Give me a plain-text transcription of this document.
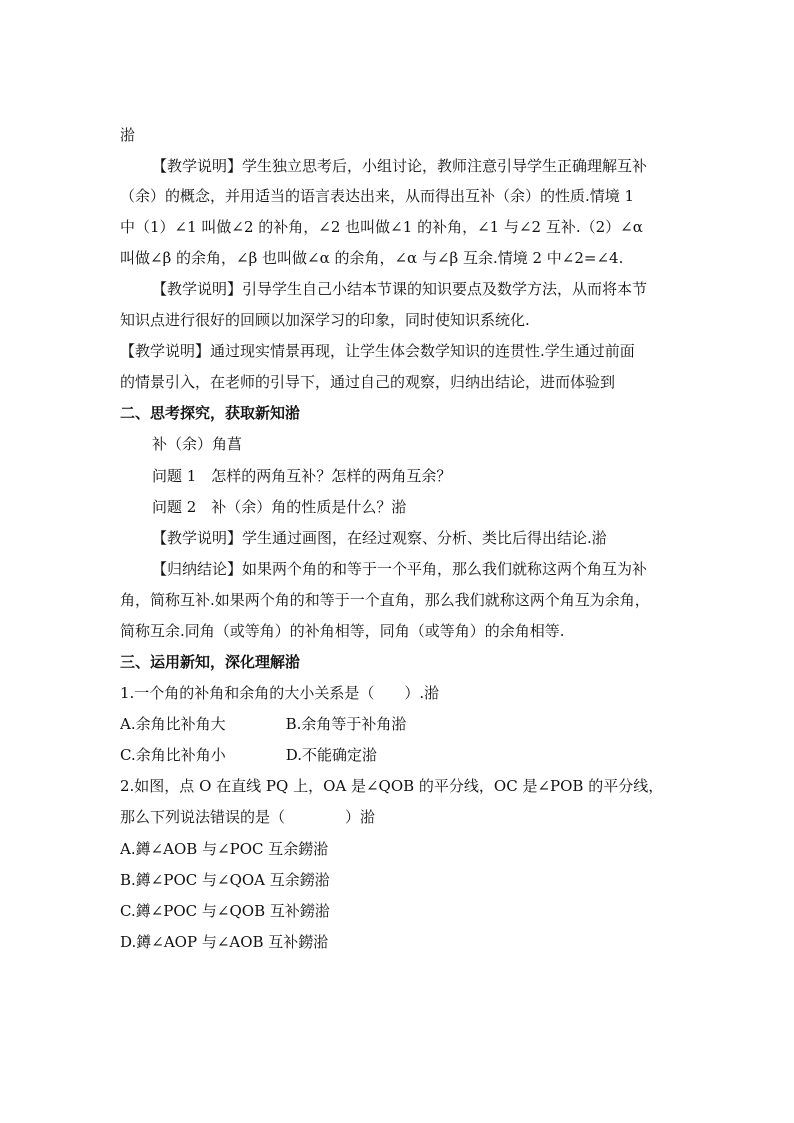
湁
【教学说明】学生独立思考后，小组讨论，教师注意引导学生正确理解互补
（余）的概念，并用适当的语言表达出来，从而得出互补（余）的性质.情境 1
中（1）∠1 叫做∠2 的补角，∠2 也叫做∠1 的补角，∠1 与∠2 互补.（2）∠α
叫做∠β 的余角，∠β 也叫做∠α 的余角，∠α 与∠β 互余.情境 2 中∠2=∠4.
【教学说明】引导学生自己小结本节课的知识要点及数学方法，从而将本节
知识点进行很好的回顾以加深学习的印象，同时使知识系统化.
【教学说明】通过现实情景再现，让学生体会数学知识的连贯性.学生通过前面
的情景引入，在老师的引导下，通过自己的观察，归纳出结论，进而体验到
二、思考探究，获取新知湁
补（余）角菖
问题 1　怎样的两角互补？怎样的两角互余？
问题 2　补（余）角的性质是什么？湁
【教学说明】学生通过画图，在经过观察、分析、类比后得出结论.湁
【归纳结论】如果两个角的和等于一个平角，那么我们就称这两个角互为补
角，简称互补.如果两个角的和等于一个直角，那么我们就称这两个角互为余角，
简称互余.同角（或等角）的补角相等，同角（或等角）的余角相等.
三、运用新知，深化理解湁
1.一个角的补角和余角的大小关系是（　　）.湁
A.余角比补角大　　　　B.余角等于补角湁
C.余角比补角小　　　　D.不能确定湁
2.如图，点 O 在直线 PQ 上，OA 是∠QOB 的平分线，OC 是∠POB 的平分线，
那么下列说法错误的是（　　　　）湁
A.鐏∠AOB 与∠POC 互余鐒湁
B.鐏∠POC 与∠QOA 互余鐒湁
C.鐏∠POC 与∠QOB 互补鐒湁
D.鐏∠AOP 与∠AOB 互补鐒湁
